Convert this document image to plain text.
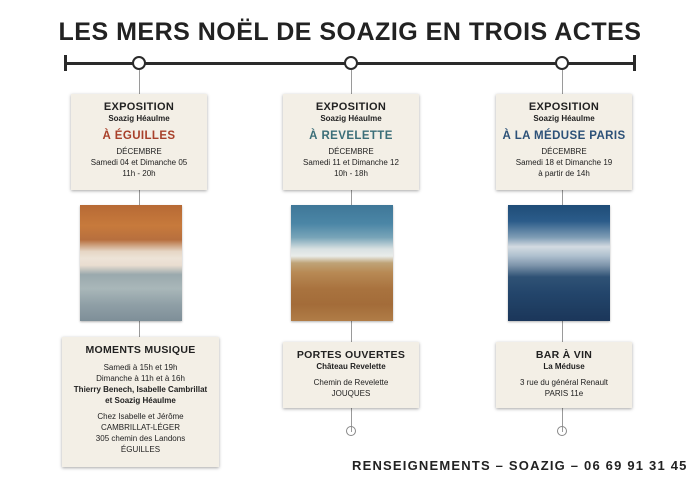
LES MERS NOËL DE SOAZIG EN TROIS ACTES
EXPOSITION
Soazig Héaulme
À ÉGUILLES
DÉCEMBRE
Samedi 04 et Dimanche 05
11h - 20h
EXPOSITION
Soazig Héaulme
À REVELETTE
DÉCEMBRE
Samedi 11 et Dimanche 12
10h - 18h
EXPOSITION
Soazig Héaulme
À LA MÉDUSE PARIS
DÉCEMBRE
Samedi 18 et Dimanche 19
à partir de 14h
MOMENTS MUSIQUE
Samedi à 15h et 19h
Dimanche à 11h et à 16h
Thierry Benech, Isabelle Cambrillat
et Soazig Héaulme
Chez Isabelle et Jérôme
CAMBRILLAT-LÉGER
305 chemin des Landons
ÉGUILLES
PORTES OUVERTES
Château Revelette
Chemin de Revelette
JOUQUES
BAR À VIN
La Méduse
3 rue du général Renault
PARIS 11e
RENSEIGNEMENTS – SOAZIG – 06 69 91 31 45
